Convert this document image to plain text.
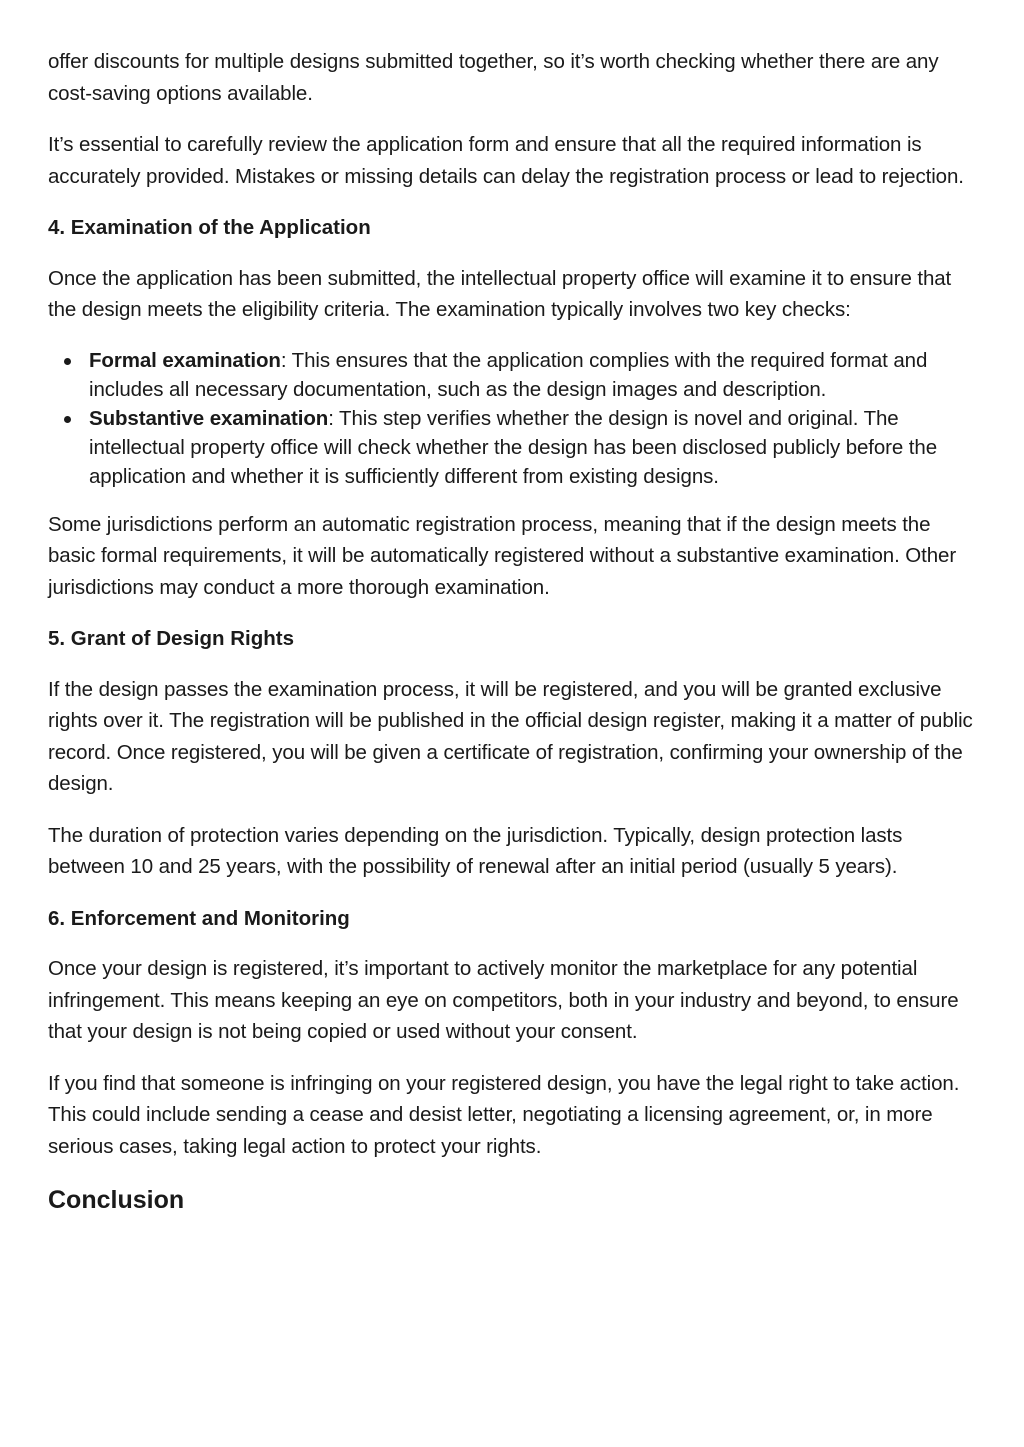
offer discounts for multiple designs submitted together, so it’s worth checking whether there are any cost-saving options available.

It’s essential to carefully review the application form and ensure that all the required information is accurately provided. Mistakes or missing details can delay the registration process or lead to rejection.

4. Examination of the Application

Once the application has been submitted, the intellectual property office will examine it to ensure that the design meets the eligibility criteria. The examination typically involves two key checks:

Formal examination: This ensures that the application complies with the required format and includes all necessary documentation, such as the design images and description.
Substantive examination: This step verifies whether the design is novel and original. The intellectual property office will check whether the design has been disclosed publicly before the application and whether it is sufficiently different from existing designs.

Some jurisdictions perform an automatic registration process, meaning that if the design meets the basic formal requirements, it will be automatically registered without a substantive examination. Other jurisdictions may conduct a more thorough examination.

5. Grant of Design Rights

If the design passes the examination process, it will be registered, and you will be granted exclusive rights over it. The registration will be published in the official design register, making it a matter of public record. Once registered, you will be given a certificate of registration, confirming your ownership of the design.

The duration of protection varies depending on the jurisdiction. Typically, design protection lasts between 10 and 25 years, with the possibility of renewal after an initial period (usually 5 years).

6. Enforcement and Monitoring

Once your design is registered, it’s important to actively monitor the marketplace for any potential infringement. This means keeping an eye on competitors, both in your industry and beyond, to ensure that your design is not being copied or used without your consent.

If you find that someone is infringing on your registered design, you have the legal right to take action. This could include sending a cease and desist letter, negotiating a licensing agreement, or, in more serious cases, taking legal action to protect your rights.

Conclusion
